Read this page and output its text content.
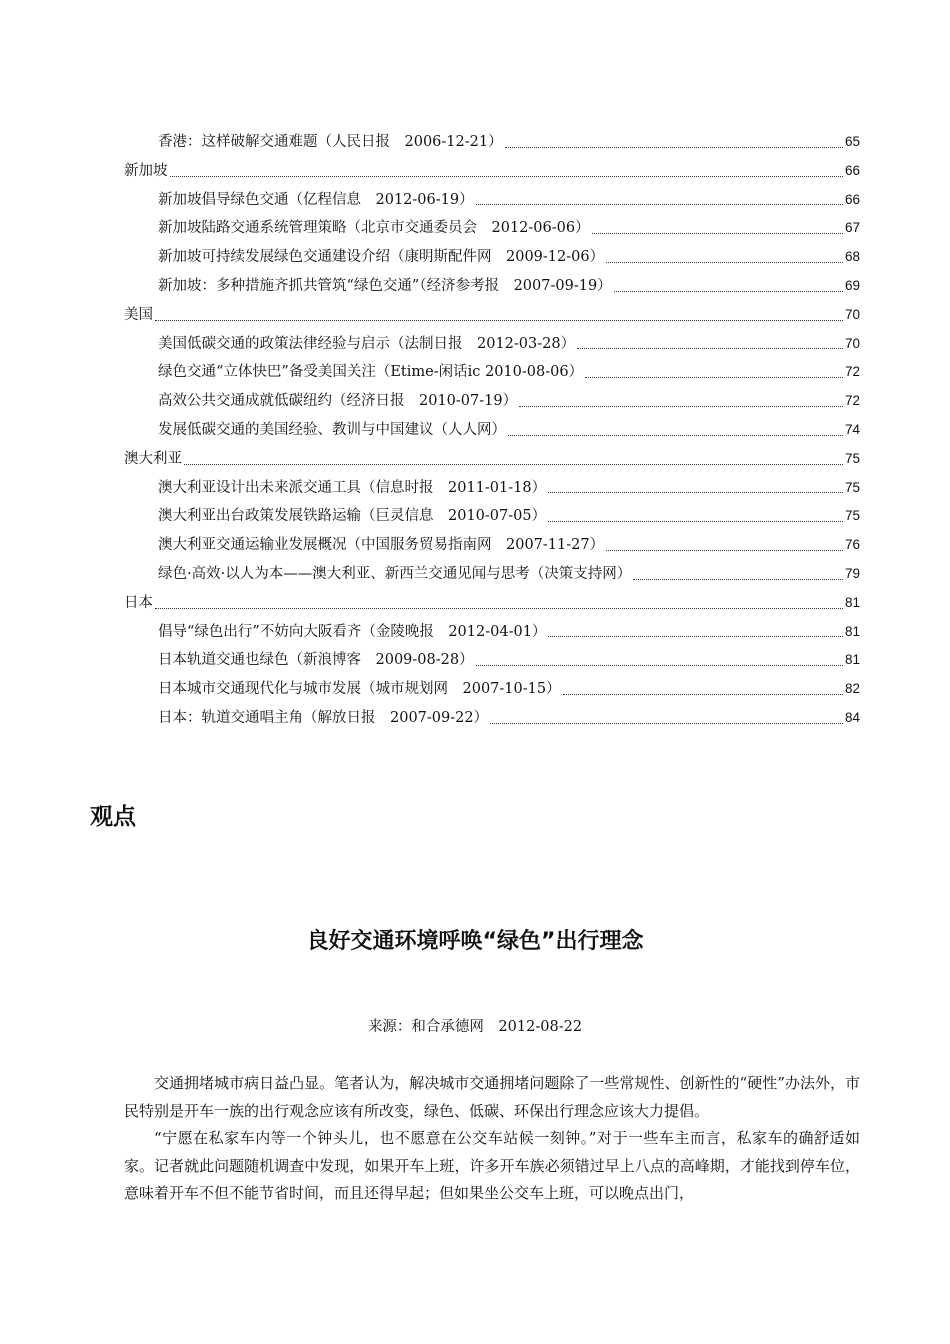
香港：这样破解交通难题（人民日报　2006-12-21）	65
新加坡	66
新加坡倡导绿色交通（亿程信息　2012-06-19）	66
新加坡陆路交通系统管理策略（北京市交通委员会　2012-06-06）	67
新加坡可持续发展绿色交通建设介绍（康明斯配件网　2009-12-06）	68
新加坡：多种措施齐抓共管筑“绿色交通”（经济参考报　2007-09-19）	69
美国	70
美国低碳交通的政策法律经验与启示（法制日报　2012-03-28）	70
绿色交通“立体快巴”备受美国关注（Etime-闲话ic 2010-08-06）	72
高效公共交通成就低碳纽约（经济日报　2010-07-19）	72
发展低碳交通的美国经验、教训与中国建议（人人网）	74
澳大利亚	75
澳大利亚设计出未来派交通工具（信息时报　2011-01-18）	75
澳大利亚出台政策发展铁路运输（巨灵信息　2010-07-05）	75
澳大利亚交通运输业发展概况（中国服务贸易指南网　2007-11-27）	76
绿色·高效·以人为本——澳大利亚、新西兰交通见闻与思考（决策支持网）	79
日本	81
倡导“绿色出行”不妨向大阪看齐（金陵晚报　2012-04-01）	81
日本轨道交通也绿色（新浪博客　2009-08-28）	81
日本城市交通现代化与城市发展（城市规划网　2007-10-15）	82
日本：轨道交通唱主角（解放日报　2007-09-22）	84
观点
良好交通环境呼唤“绿色”出行理念
来源：和合承德网　2012-08-22

交通拥堵城市病日益凸显。笔者认为，解决城市交通拥堵问题除了一些常规性、创新性的“硬性”办法外，市民特别是开车一族的出行观念应该有所改变，绿色、低碳、环保出行理念应该大力提倡。

“宁愿在私家车内等一个钟头儿，也不愿意在公交车站候一刻钟。”对于一些车主而言，私家车的确舒适如家。记者就此问题随机调查中发现，如果开车上班，许多开车族必须错过早上八点的高峰期，才能找到停车位，意味着开车不但不能节省时间，而且还得早起；但如果坐公交车上班，可以晚点出门，
